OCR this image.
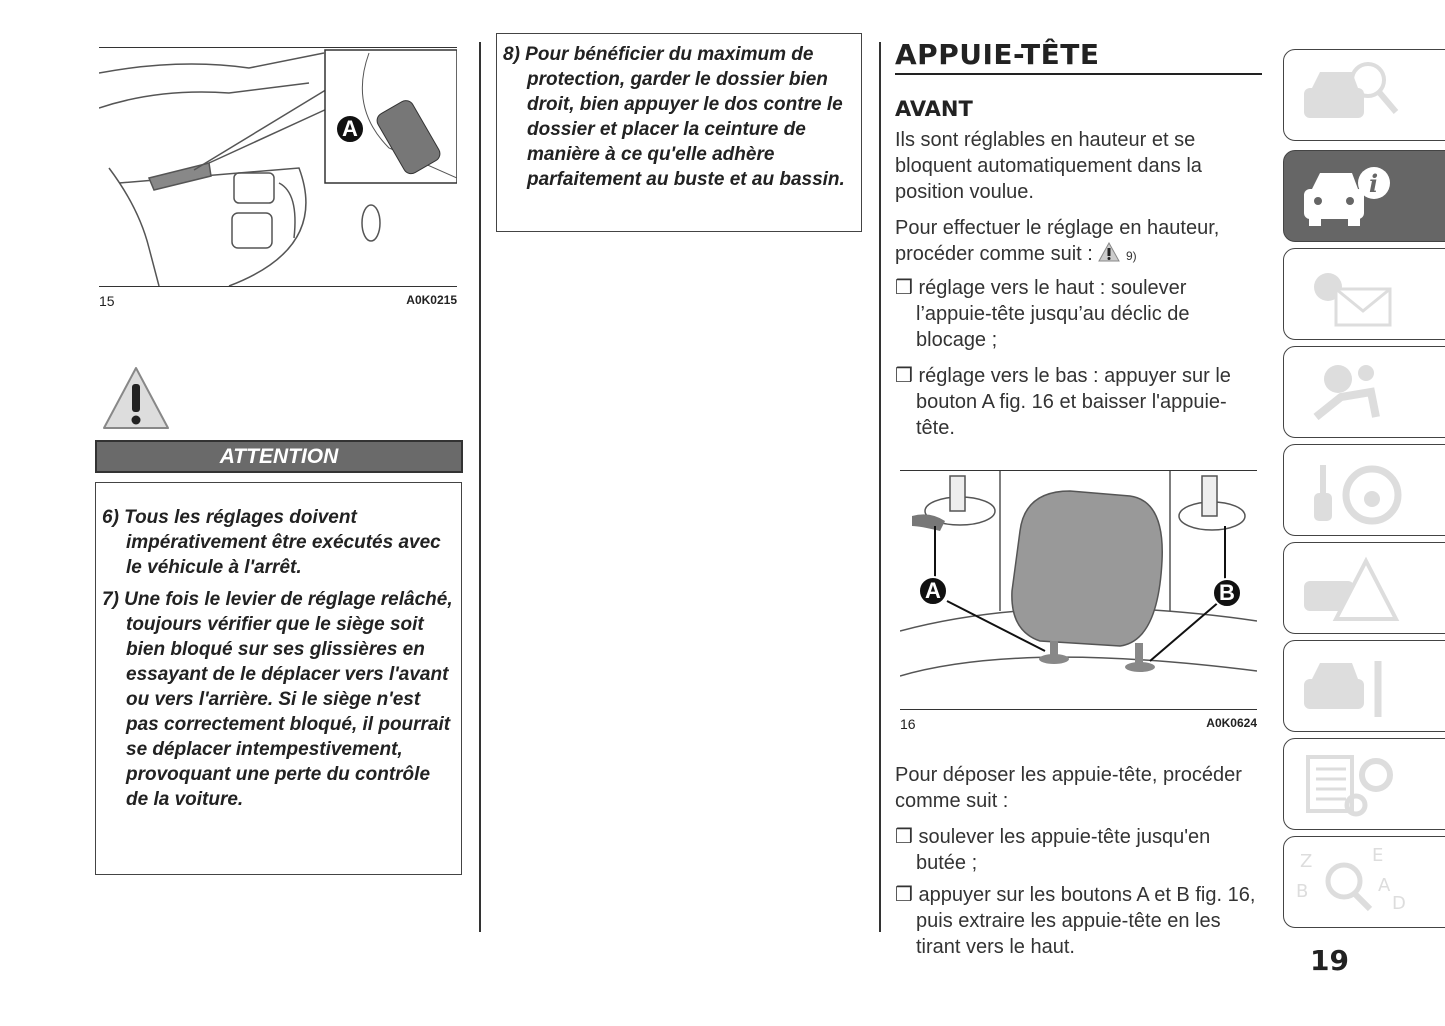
A
15	A0K0215
ATTENTION

6) Tous les réglages doivent impérativement être exécutés avec le véhicule à l'arrêt.

7) Une fois le levier de réglage relâché, toujours vérifier que le siège soit bien bloqué sur ses glissières en essayant de le déplacer vers l'avant ou vers l'arrière. Si le siège n'est pas correctement bloqué, il pourrait se déplacer intempestivement, provoquant une perte du contrôle de la voiture.

8) Pour bénéficier du maximum de protection, garder le dossier bien droit, bien appuyer le dos contre le dossier et placer la ceinture de manière à ce qu'elle adhère parfaitement au buste et au bassin.

APPUIE-TÊTE
AVANT

Ils sont réglables en hauteur et se bloquent automatiquement dans la position voulue.

Pour effectuer le réglage en hauteur, procéder comme suit :	9)

❒ réglage vers le haut : soulever l’appuie-tête jusqu’au déclic de blocage ;

❒ réglage vers le bas : appuyer sur le bouton A fig. 16 et baisser l'appuie-tête.

A	B
16	A0K0624

Pour déposer les appuie-tête, procéder comme suit :

❒ soulever les appuie-tête jusqu'en butée ;

❒ appuyer sur les boutons A et B fig. 16, puis extraire les appuie-tête en les tirant vers le haut.

i
Z
B
E
A
D
19
